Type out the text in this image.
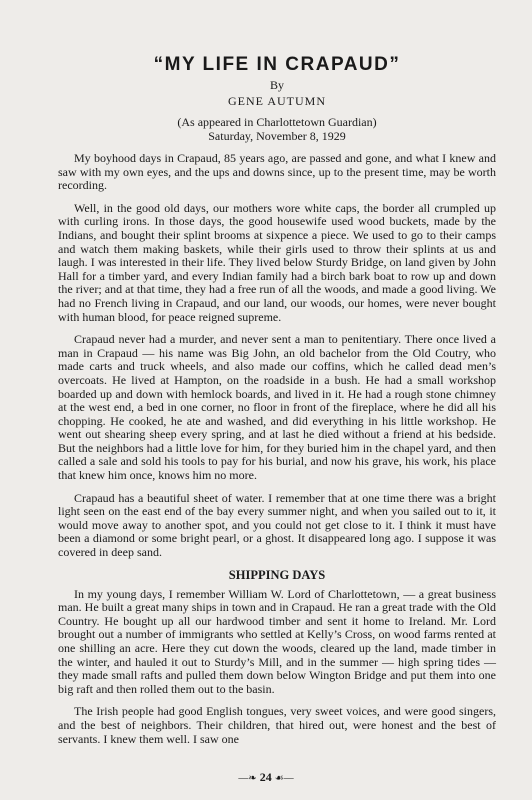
“MY LIFE IN CRAPAUD”

By

GENE AUTUMN

(As appeared in Charlottetown Guardian)

Saturday, November 8, 1929

My boyhood days in Crapaud, 85 years ago, are passed and gone, and what I knew and saw with my own eyes, and the ups and downs since, up to the present time, may be worth recording.

Well, in the good old days, our mothers wore white caps, the border all crumpled up with curling irons. In those days, the good housewife used wood buckets, made by the Indians, and bought their splint brooms at sixpence a piece. We used to go to their camps and watch them making baskets, while their girls used to throw their splints at us and laugh. I was interested in their life. They lived below Sturdy Bridge, on land given by John Hall for a timber yard, and every Indian family had a birch bark boat to row up and down the river; and at that time, they had a free run of all the woods, and made a good living. We had no French living in Crapaud, and our land, our woods, our homes, were never bought with human blood, for peace reigned supreme.

Crapaud never had a murder, and never sent a man to penitentiary. There once lived a man in Crapaud — his name was Big John, an old bachelor from the Old Coutry, who made carts and truck wheels, and also made our coffins, which he called dead men’s overcoats. He lived at Hampton, on the roadside in a bush. He had a small workshop boarded up and down with hemlock boards, and lived in it. He had a rough stone chimney at the west end, a bed in one corner, no floor in front of the fireplace, where he did all his chopping. He cooked, he ate and washed, and did everything in his little workshop. He went out shearing sheep every spring, and at last he died without a friend at his bedside. But the neighbors had a little love for him, for they buried him in the chapel yard, and then called a sale and sold his tools to pay for his burial, and now his grave, his work, his place that knew him once, knows him no more.

Crapaud has a beautiful sheet of water. I remember that at one time there was a bright light seen on the east end of the bay every summer night, and when you sailed out to it, it would move away to another spot, and you could not get close to it. I think it must have been a diamond or some bright pearl, or a ghost. It disappeared long ago. I suppose it was covered in deep sand.

SHIPPING DAYS

In my young days, I remember William W. Lord of Charlottetown, — a great business man. He built a great many ships in town and in Crapaud. He ran a great trade with the Old Country. He bought up all our hardwood timber and sent it home to Ireland. Mr. Lord brought out a number of immigrants who settled at Kelly’s Cross, on wood farms rented at one shilling an acre. Here they cut down the woods, cleared up the land, made timber in the winter, and hauled it out to Sturdy’s Mill, and in the summer — high spring tides — they made small rafts and pulled them down below Wington Bridge and put them into one big raft and then rolled them out to the basin.

The Irish people had good English tongues, very sweet voices, and were good singers, and the best of neighbors. Their children, that hired out, were honest and the best of servants. I knew them well. I saw one

—❧ 24 ☙—
